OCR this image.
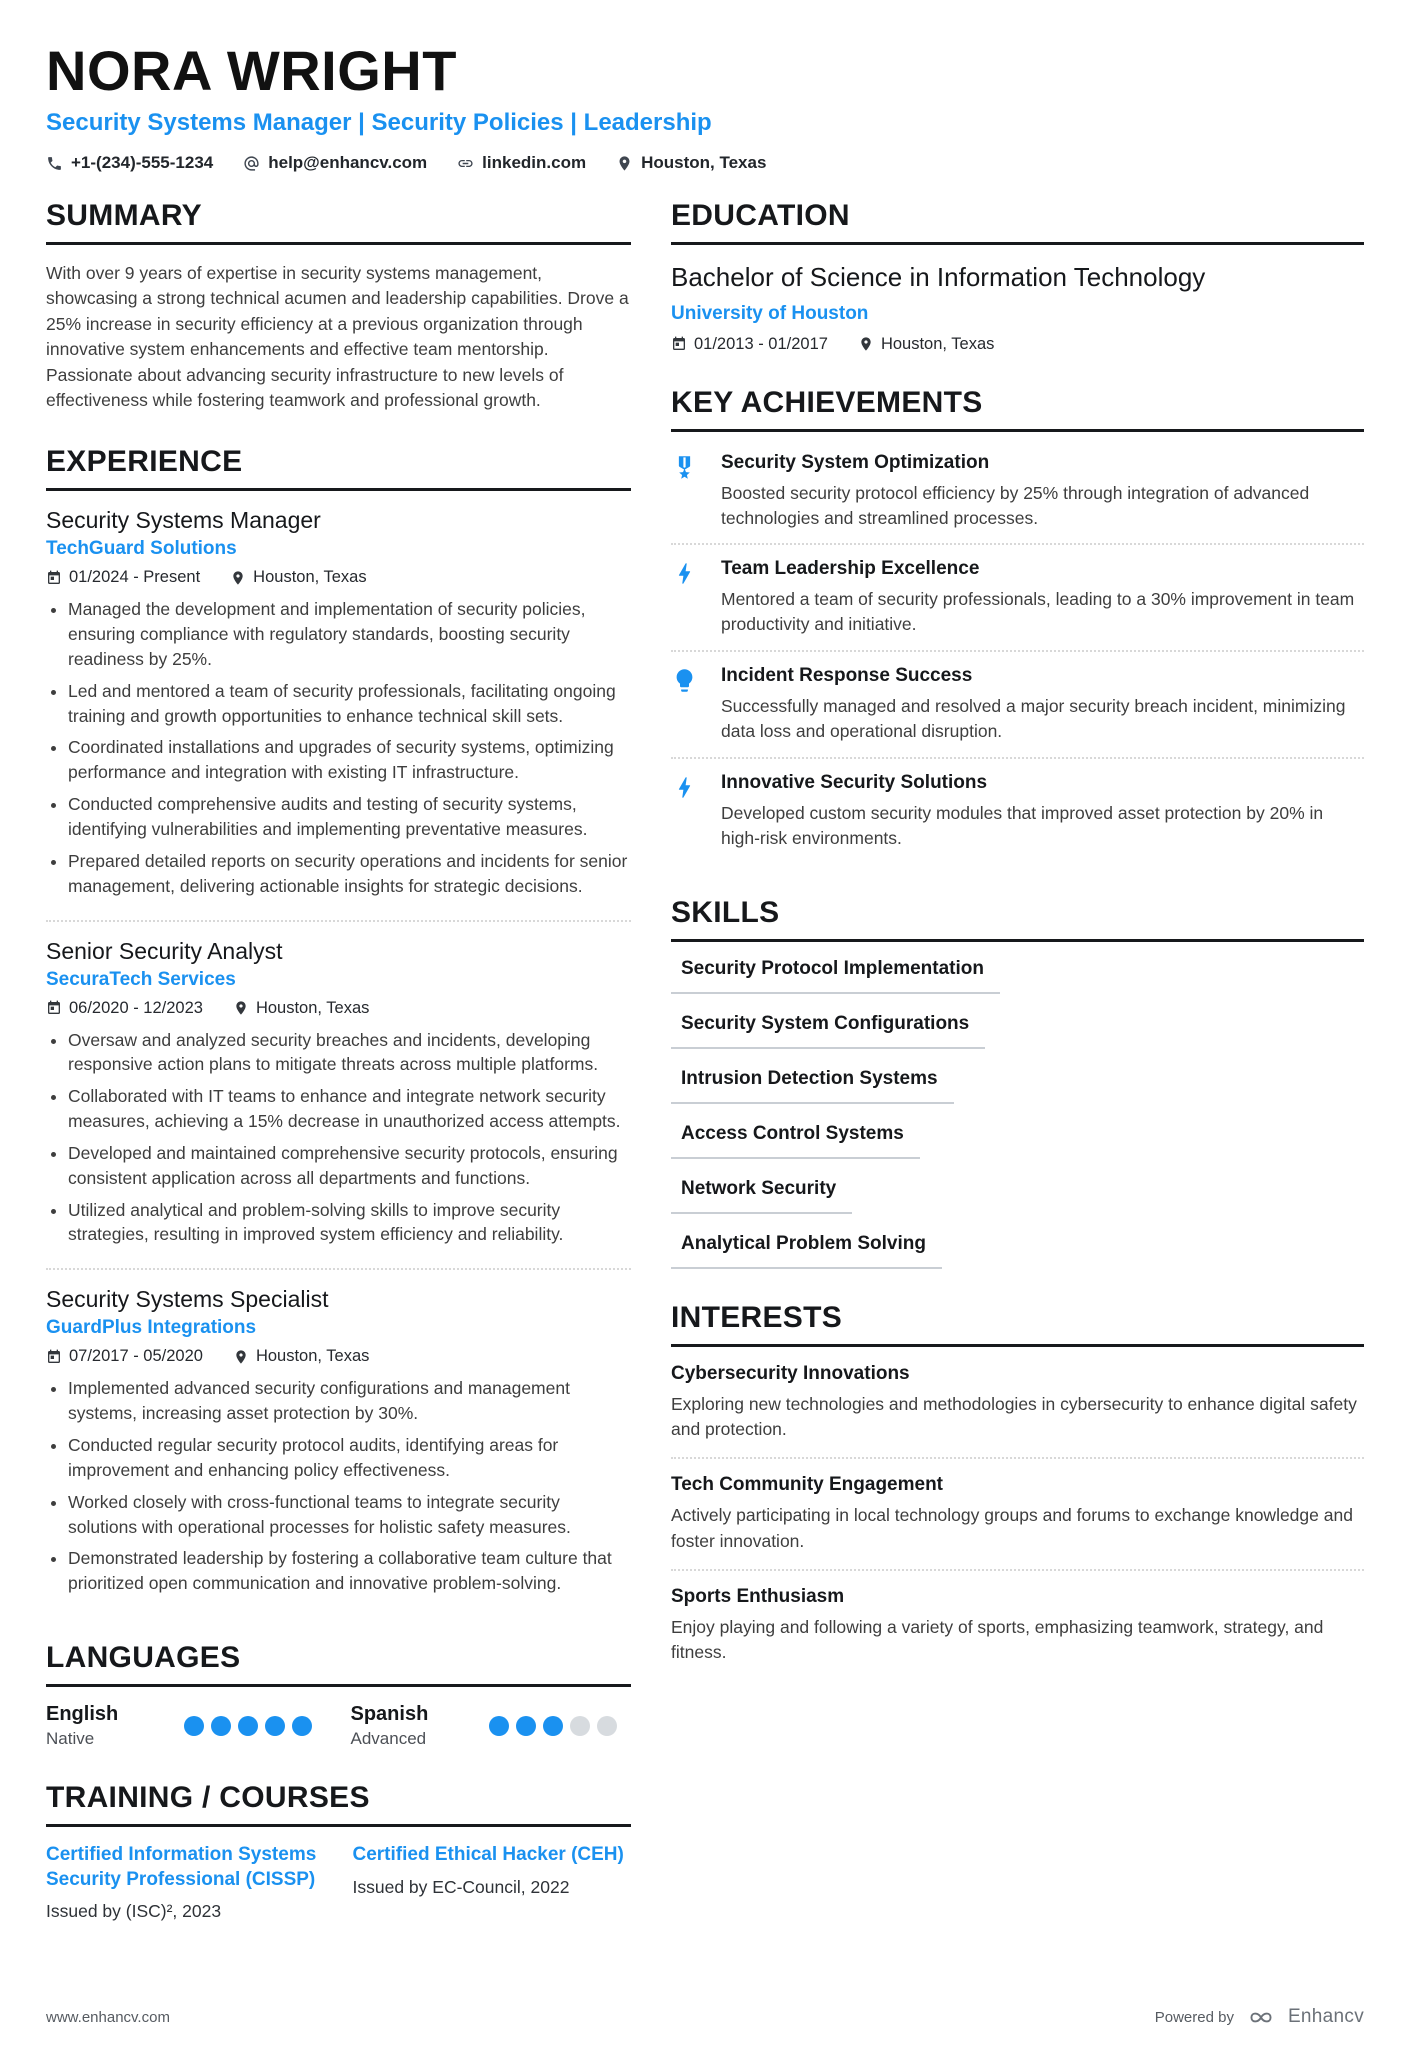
NORA WRIGHT
Security Systems Manager | Security Policies | Leadership
+1-(234)-555-1234	help@enhancv.com	linkedin.com	Houston, Texas
SUMMARY

With over 9 years of expertise in security systems management, showcasing a strong technical acumen and leadership capabilities. Drove a 25% increase in security efficiency at a previous organization through innovative system enhancements and effective team mentorship. Passionate about advancing security infrastructure to new levels of effectiveness while fostering teamwork and professional growth.

EXPERIENCE
Security Systems Manager
TechGuard Solutions
01/2024 - Present	Houston, Texas
• Managed the development and implementation of security policies, ensuring compliance with regulatory standards, boosting security readiness by 25%.
• Led and mentored a team of security professionals, facilitating ongoing training and growth opportunities to enhance technical skill sets.
• Coordinated installations and upgrades of security systems, optimizing performance and integration with existing IT infrastructure.
• Conducted comprehensive audits and testing of security systems, identifying vulnerabilities and implementing preventative measures.
• Prepared detailed reports on security operations and incidents for senior management, delivering actionable insights for strategic decisions.
Senior Security Analyst
SecuraTech Services
06/2020 - 12/2023	Houston, Texas
• Oversaw and analyzed security breaches and incidents, developing responsive action plans to mitigate threats across multiple platforms.
• Collaborated with IT teams to enhance and integrate network security measures, achieving a 15% decrease in unauthorized access attempts.
• Developed and maintained comprehensive security protocols, ensuring consistent application across all departments and functions.
• Utilized analytical and problem-solving skills to improve security strategies, resulting in improved system efficiency and reliability.
Security Systems Specialist
GuardPlus Integrations
07/2017 - 05/2020	Houston, Texas
• Implemented advanced security configurations and management systems, increasing asset protection by 30%.
• Conducted regular security protocol audits, identifying areas for improvement and enhancing policy effectiveness.
• Worked closely with cross-functional teams to integrate security solutions with operational processes for holistic safety measures.
• Demonstrated leadership by fostering a collaborative team culture that prioritized open communication and innovative problem-solving.
LANGUAGES
English
Native
Spanish
Advanced
TRAINING / COURSES
Certified Information Systems Security Professional (CISSP)
Issued by (ISC)², 2023
Certified Ethical Hacker (CEH)
Issued by EC-Council, 2022
EDUCATION
Bachelor of Science in Information Technology
University of Houston
01/2013 - 01/2017	Houston, Texas
KEY ACHIEVEMENTS
Security System Optimization
Boosted security protocol efficiency by 25% through integration of advanced technologies and streamlined processes.
Team Leadership Excellence
Mentored a team of security professionals, leading to a 30% improvement in team productivity and initiative.
Incident Response Success
Successfully managed and resolved a major security breach incident, minimizing data loss and operational disruption.
Innovative Security Solutions
Developed custom security modules that improved asset protection by 20% in high-risk environments.
SKILLS
Security Protocol Implementation
Security System Configurations
Intrusion Detection Systems
Access Control Systems
Network Security
Analytical Problem Solving
INTERESTS
Cybersecurity Innovations
Exploring new technologies and methodologies in cybersecurity to enhance digital safety and protection.
Tech Community Engagement
Actively participating in local technology groups and forums to exchange knowledge and foster innovation.
Sports Enthusiasm
Enjoy playing and following a variety of sports, emphasizing teamwork, strategy, and fitness.
www.enhancv.com	Powered by	Enhancv
